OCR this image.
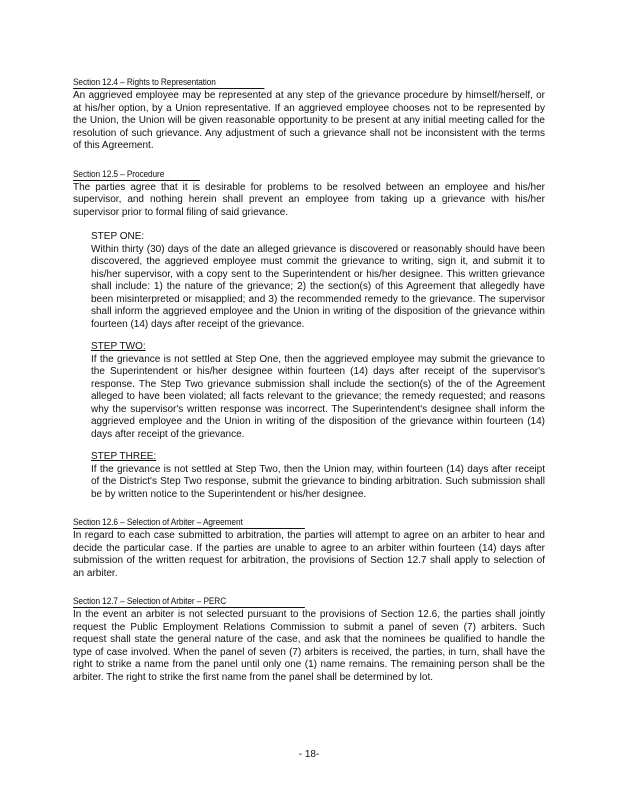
Section 12.4 – Rights to Representation

An aggrieved employee may be represented at any step of the grievance procedure by himself/herself, or at his/her option, by a Union representative. If an aggrieved employee chooses not to be represented by the Union, the Union will be given reasonable opportunity to be present at any initial meeting called for the resolution of such grievance. Any adjustment of such a grievance shall not be inconsistent with the terms of this Agreement.

Section 12.5 – Procedure

The parties agree that it is desirable for problems to be resolved between an employee and his/her supervisor, and nothing herein shall prevent an employee from taking up a grievance with his/her supervisor prior to formal filing of said grievance.

STEP ONE:

Within thirty (30) days of the date an alleged grievance is discovered or reasonably should have been discovered, the aggrieved employee must commit the grievance to writing, sign it, and submit it to his/her supervisor, with a copy sent to the Superintendent or his/her designee. This written grievance shall include: 1) the nature of the grievance; 2) the section(s) of this Agreement that allegedly have been misinterpreted or misapplied; and 3) the recommended remedy to the grievance. The supervisor shall inform the aggrieved employee and the Union in writing of the disposition of the grievance within fourteen (14) days after receipt of the grievance.

STEP TWO:

If the grievance is not settled at Step One, then the aggrieved employee may submit the grievance to the Superintendent or his/her designee within fourteen (14) days after receipt of the supervisor's response. The Step Two grievance submission shall include the section(s) of the of the Agreement alleged to have been violated; all facts relevant to the grievance; the remedy requested; and reasons why the supervisor's written response was incorrect. The Superintendent's designee shall inform the aggrieved employee and the Union in writing of the disposition of the grievance within fourteen (14) days after receipt of the grievance.

STEP THREE:

If the grievance is not settled at Step Two, then the Union may, within fourteen (14) days after receipt of the District's Step Two response, submit the grievance to binding arbitration. Such submission shall be by written notice to the Superintendent or his/her designee.

Section 12.6 – Selection of Arbiter – Agreement

In regard to each case submitted to arbitration, the parties will attempt to agree on an arbiter to hear and decide the particular case. If the parties are unable to agree to an arbiter within fourteen (14) days after submission of the written request for arbitration, the provisions of Section 12.7 shall apply to selection of an arbiter.

Section 12.7 – Selection of Arbiter – PERC

In the event an arbiter is not selected pursuant to the provisions of Section 12.6, the parties shall jointly request the Public Employment Relations Commission to submit a panel of seven (7) arbiters. Such request shall state the general nature of the case, and ask that the nominees be qualified to handle the type of case involved. When the panel of seven (7) arbiters is received, the parties, in turn, shall have the right to strike a name from the panel until only one (1) name remains. The remaining person shall be the arbiter. The right to strike the first name from the panel shall be determined by lot.

- 18-
